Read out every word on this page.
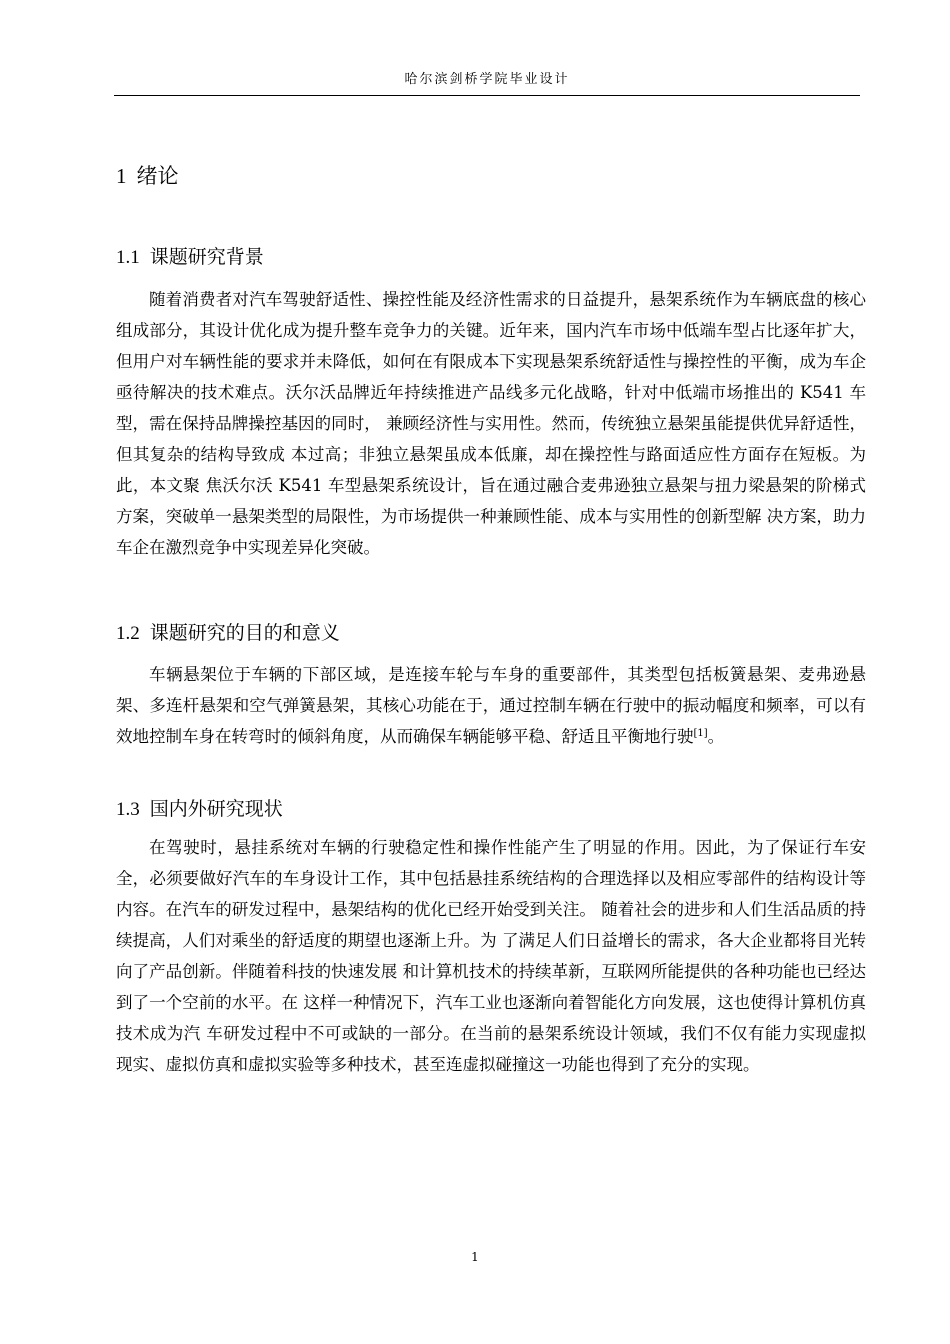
哈尔滨剑桥学院毕业设计
1 绪论
1.1 课题研究背景

随着消费者对汽车驾驶舒适性、操控性能及经济性需求的日益提升，悬架系统作为车辆底盘的核心组成部分，其设计优化成为提升整车竞争力的关键。近年来，国内汽车市场中低端车型占比逐年扩大，但用户对车辆性能的要求并未降低，如何在有限成本下实现悬架系统舒适性与操控性的平衡，成为车企亟待解决的技术难点。沃尔沃品牌近年持续推进产品线多元化战略，针对中低端市场推出的 K541 车型，需在保持品牌操控基因的同时， 兼顾经济性与实用性。然而，传统独立悬架虽能提供优异舒适性，但其复杂的结构导致成 本过高；非独立悬架虽成本低廉，却在操控性与路面适应性方面存在短板。为此，本文聚 焦沃尔沃 K541 车型悬架系统设计，旨在通过融合麦弗逊独立悬架与扭力梁悬架的阶梯式 方案，突破单一悬架类型的局限性，为市场提供一种兼顾性能、成本与实用性的创新型解 决方案，助力车企在激烈竞争中实现差异化突破。

1.2 课题研究的目的和意义

车辆悬架位于车辆的下部区域，是连接车轮与车身的重要部件，其类型包括板簧悬架、麦弗逊悬架、多连杆悬架和空气弹簧悬架，其核心功能在于，通过控制车辆在行驶中的振动幅度和频率，可以有效地控制车身在转弯时的倾斜角度，从而确保车辆能够平稳、舒适且平衡地行驶[1]。

1.3 国内外研究现状

在驾驶时，悬挂系统对车辆的行驶稳定性和操作性能产生了明显的作用。因此，为了保证行车安全，必须要做好汽车的车身设计工作，其中包括悬挂系统结构的合理选择以及相应零部件的结构设计等内容。在汽车的研发过程中，悬架结构的优化已经开始受到关注。 随着社会的进步和人们生活品质的持续提高，人们对乘坐的舒适度的期望也逐渐上升。为 了满足人们日益增长的需求，各大企业都将目光转向了产品创新。伴随着科技的快速发展 和计算机技术的持续革新，互联网所能提供的各种功能也已经达到了一个空前的水平。在 这样一种情况下，汽车工业也逐渐向着智能化方向发展，这也使得计算机仿真技术成为汽 车研发过程中不可或缺的一部分。在当前的悬架系统设计领域，我们不仅有能力实现虚拟 现实、虚拟仿真和虚拟实验等多种技术，甚至连虚拟碰撞这一功能也得到了充分的实现。

1
